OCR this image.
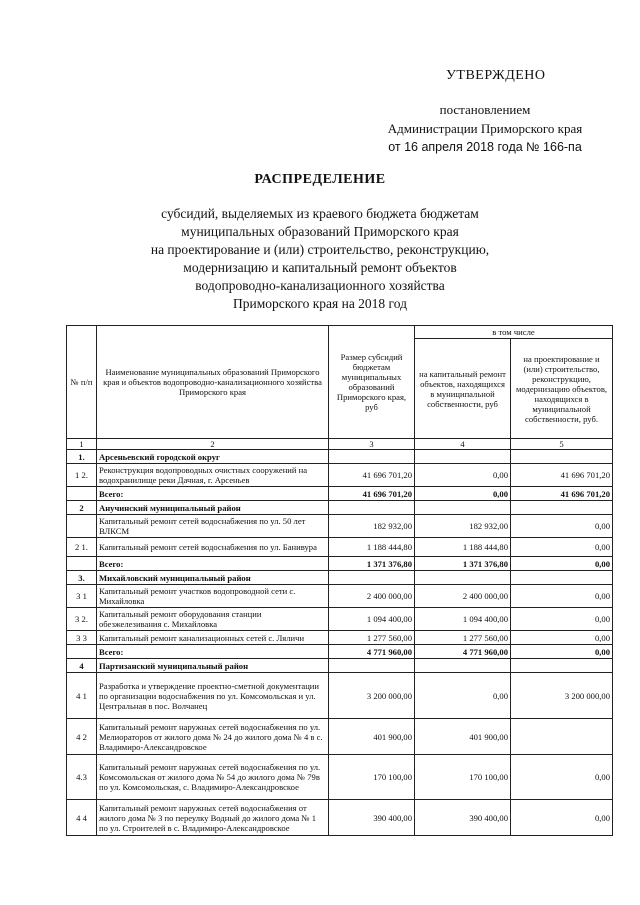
УТВЕРЖДЕНО
постановлением
Администрации Приморского края
от 16 апреля 2018 года № 166-па
РАСПРЕДЕЛЕНИЕ
субсидий, выделяемых из краевого бюджета бюджетам
муниципальных образований Приморского края
на проектирование и (или) строительство, реконструкцию,
модернизацию и капитальный ремонт объектов
водопроводно-канализационного хозяйства
Приморского края на 2018 год
№ п/п	Наименование муниципальных образований Приморского края и объектов водопроводно-канализационного хозяйства Приморского края	Размер субсидий бюджетам муниципальных образований Приморского края, руб	в том числе	
			на капитальный ремонт объектов, находящихся в муниципальной собственности, руб	на проектирование и (или) строительство, реконструкцию, модернизацию объектов, находящихся в муниципальной собственности, руб.
1	2	3	4	5
1.	Арсеньевский городской округ			
1 2.	Реконструкция водопроводных очистных сооружений на водохранилище реки Дачная, г. Арсеньев	41 696 701,20	0,00	41 696 701,20
	Всего:	41 696 701,20	0,00	41 696 701,20
2	Анучинский муниципальный район			
	Капитальный ремонт сетей водоснабжения по ул. 50 лет ВЛКСМ	182 932,00	182 932,00	0,00
2 1.	Капитальный ремонт сетей водоснабжения по ул. Банивура	1 188 444,80	1 188 444,80	0,00
	Всего:	1 371 376,80	1 371 376,80	0,00
3.	Михайловский муниципальный район			
3 1	Капитальный ремонт участков водопроводной сети с. Михайловка	2 400 000,00	2 400 000,00	0,00
3 2.	Капитальный ремонт оборудования станции обезжелезивания с. Михайловка	1 094 400,00	1 094 400,00	0,00
3 3	Капитальный ремонт канализационных сетей с. Ляличи	1 277 560,00	1 277 560,00	0,00
	Всего:	4 771 960,00	4 771 960,00	0,00
4	Партизанский муниципальный район			
4 1	Разработка и утверждение проектно-сметной документации по организации водоснабжения по ул. Комсомольская и ул. Центральная в пос. Волчанец	3 200 000,00	0,00	3 200 000,00
4 2	Капитальный ремонт наружных сетей водоснабжения по ул. Мелиораторов от жилого дома № 24 до жилого дома № 4 в с. Владимиро-Александровское	401 900,00	401 900,00	
4.3	Капитальный ремонт наружных сетей водоснабжения по ул. Комсомольская от жилого дома № 54 до жилого дома № 79в по ул. Комсомольская, с. Владимиро-Александровское	170 100,00	170 100,00	0,00
4 4	Капитальный ремонт наружных сетей водоснабжения от жилого дома № 3 по переулку Водный до жилого дома № 1 по ул. Строителей в с. Владимиро-Александровское	390 400,00	390 400,00	0,00
